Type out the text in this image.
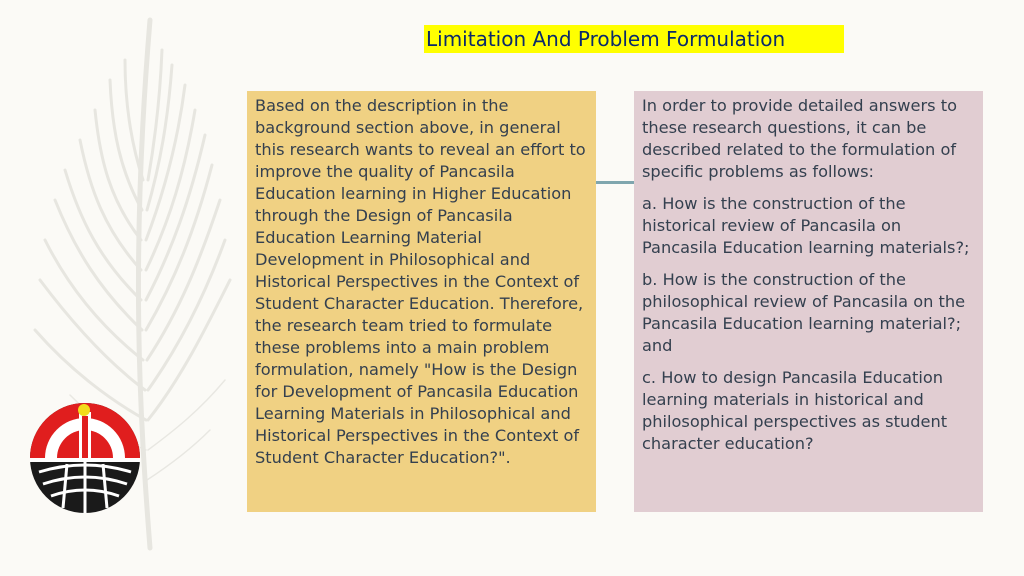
Limitation And Problem Formulation
Based on the description in the background section above, in general this research wants to reveal an effort to improve the quality of Pancasila Education learning in Higher Education through the Design of Pancasila Education Learning Material Development in Philosophical and Historical Perspectives in the Context of Student Character Education. Therefore, the research team tried to formulate these problems into a main problem formulation, namely "How is the Design for Development of Pancasila Education Learning Materials in Philosophical and Historical Perspectives in the Context of Student Character Education?".

In order to provide detailed answers to these research questions, it can be described related to the formulation of specific problems as follows:

a. How is the construction of the historical review of Pancasila on Pancasila Education learning materials?;

b. How is the construction of the philosophical review of Pancasila on the Pancasila Education learning material?; and

c. How to design Pancasila Education learning materials in historical and philosophical perspectives as student character education?
